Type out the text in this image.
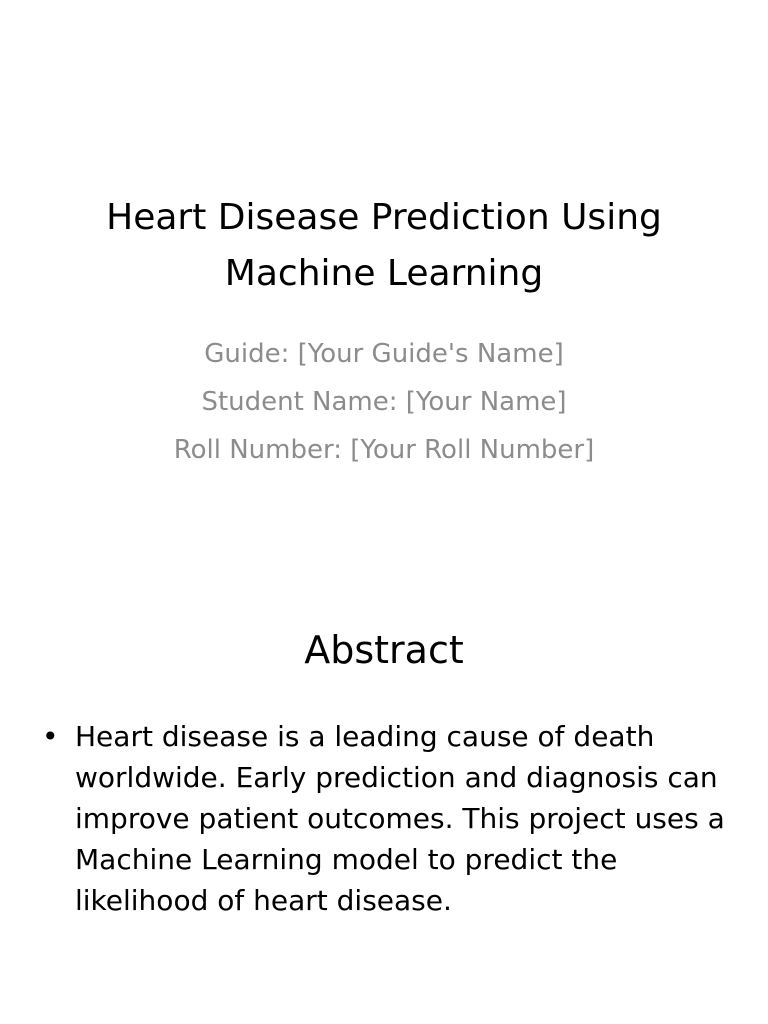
Heart Disease Prediction Using Machine Learning
Guide: [Your Guide's Name]
Student Name: [Your Name]
Roll Number: [Your Roll Number]
Abstract
• Heart disease is a leading cause of death worldwide. Early prediction and diagnosis can improve patient outcomes. This project uses a Machine Learning model to predict the likelihood of heart disease.
